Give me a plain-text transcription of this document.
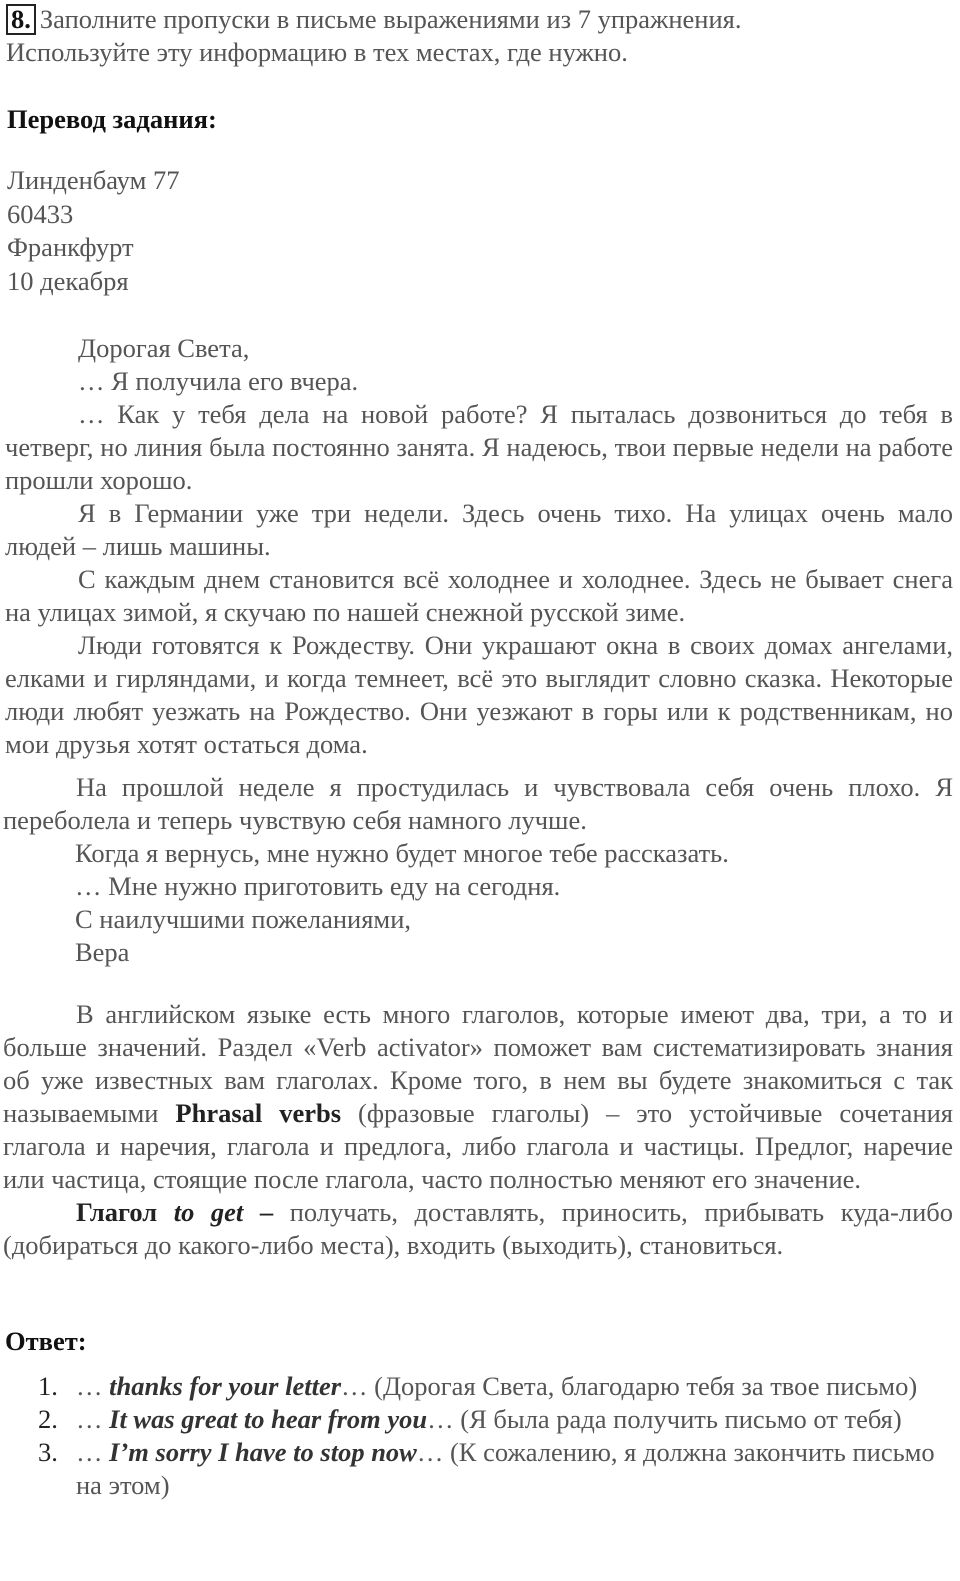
8. Заполните пропуски в письме выражениями из 7 упражнения.
Используйте эту информацию в тех местах, где нужно.
Перевод задания:
Линденбаум 77
60433
Франкфурт
10 декабря

Дорогая Света,

… Я получила его вчера.

… Как у тебя дела на новой работе? Я пыталась дозвониться до тебя в четверг, но линия была постоянно занята. Я надеюсь, твои первые недели на работе прошли хорошо.

Я в Германии уже три недели. Здесь очень тихо. На улицах очень мало людей – лишь машины.

С каждым днем становится всё холоднее и холоднее. Здесь не бывает снега на улицах зимой, я скучаю по нашей снежной русской зиме.

Люди готовятся к Рождеству. Они украшают окна в своих домах ангелами, елками и гирляндами, и когда темнеет, всё это выглядит словно сказка. Некоторые люди любят уезжать на Рождество. Они уезжают в горы или к родственникам, но мои друзья хотят остаться дома.

На прошлой неделе я простудилась и чувствовала себя очень плохо. Я переболела и теперь чувствую себя намного лучше.

Когда я вернусь, мне нужно будет многое тебе рассказать.

… Мне нужно приготовить еду на сегодня.

С наилучшими пожеланиями,

Вера

В английском языке есть много глаголов, которые имеют два, три, а то и больше значений. Раздел «Verb activator» поможет вам систематизировать знания об уже известных вам глаголах. Кроме того, в нем вы будете знакомиться с так называемыми Phrasal verbs (фразовые глаголы) – это устойчивые сочетания глагола и наречия, глагола и предлога, либо глагола и частицы. Предлог, наречие или частица, стоящие после глагола, часто полностью меняют его значение.

Глагол to get – получать, доставлять, приносить, прибывать куда-либо (добираться до какого-либо места), входить (выходить), становиться.

Ответ:
1. … thanks for your letter… (Дорогая Света, благодарю тебя за твое письмо)
2. … It was great to hear from you… (Я была рада получить письмо от тебя)
3. … I’m sorry I have to stop now… (К сожалению, я должна закончить письмо на этом)
